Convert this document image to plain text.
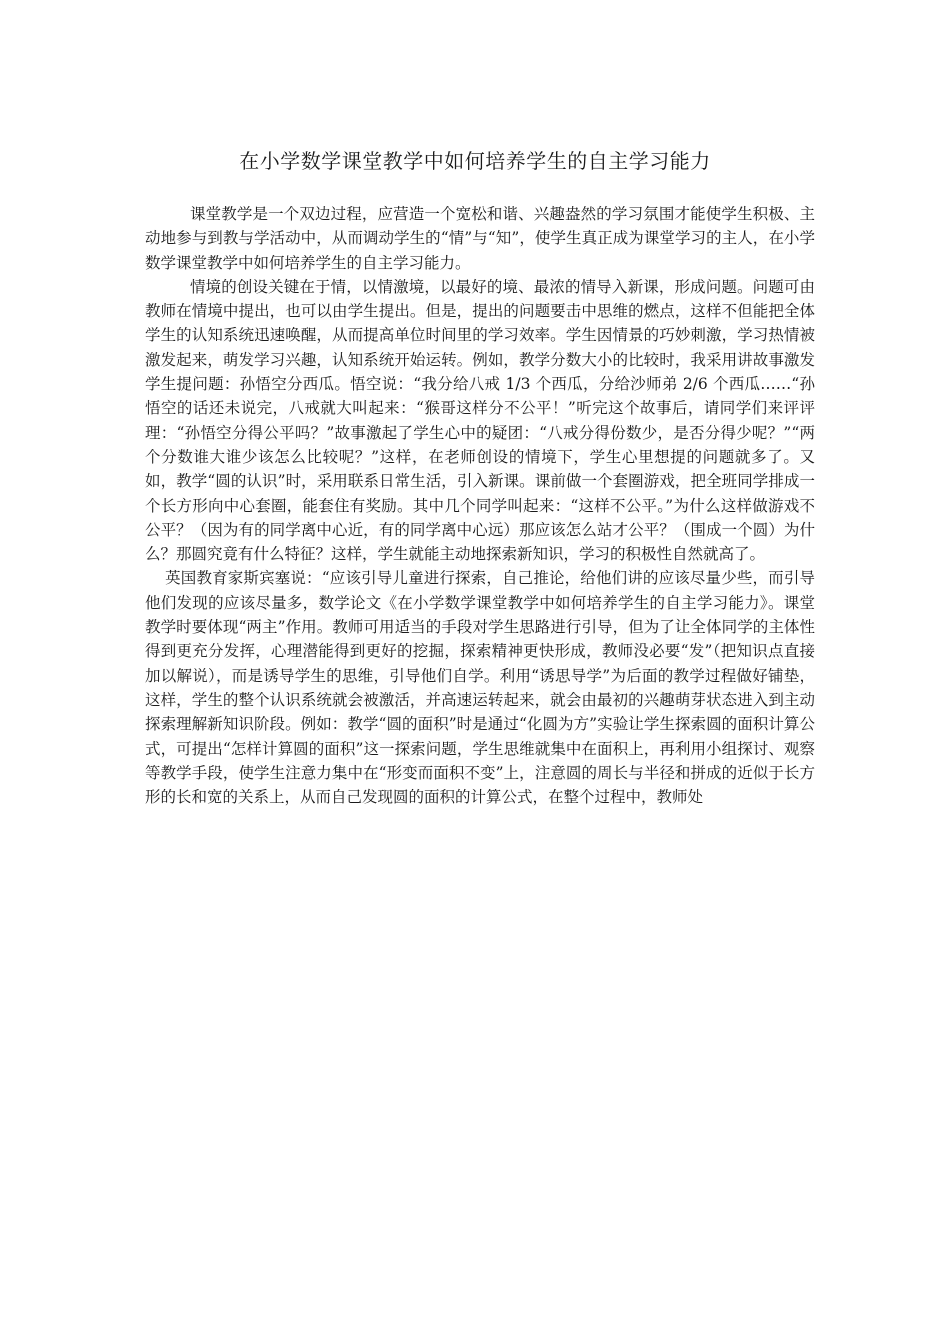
在小学数学课堂教学中如何培养学生的自主学习能力

课堂教学是一个双边过程，应营造一个宽松和谐、兴趣盎然的学习氛围才能使学生积极、主动地参与到教与学活动中，从而调动学生的“情”与“知”，使学生真正成为课堂学习的主人，在小学数学课堂教学中如何培养学生的自主学习能力。

情境的创设关键在于情，以情激境，以最好的境、最浓的情导入新课，形成问题。问题可由教师在情境中提出，也可以由学生提出。但是，提出的问题要击中思维的燃点，这样不但能把全体学生的认知系统迅速唤醒，从而提高单位时间里的学习效率。学生因情景的巧妙刺激，学习热情被激发起来，萌发学习兴趣，认知系统开始运转。例如，教学分数大小的比较时，我采用讲故事激发学生提问题：孙悟空分西瓜。悟空说：“我分给八戒 1/3 个西瓜，分给沙师弟 2/6 个西瓜……“孙悟空的话还未说完，八戒就大叫起来：“猴哥这样分不公平！”听完这个故事后，请同学们来评评理：“孙悟空分得公平吗？”故事激起了学生心中的疑团：“八戒分得份数少，是否分得少呢？”“两个分数谁大谁少该怎么比较呢？”这样，在老师创设的情境下，学生心里想提的问题就多了。又如，教学“圆的认识”时，采用联系日常生活，引入新课。课前做一个套圈游戏，把全班同学排成一个长方形向中心套圈，能套住有奖励。其中几个同学叫起来：“这样不公平。”为什么这样做游戏不公平？（因为有的同学离中心近，有的同学离中心远）那应该怎么站才公平？（围成一个圆）为什么？那圆究竟有什么特征？这样，学生就能主动地探索新知识，学习的积极性自然就高了。

英国教育家斯宾塞说：“应该引导儿童进行探索，自己推论，给他们讲的应该尽量少些，而引导他们发现的应该尽量多，数学论文《在小学数学课堂教学中如何培养学生的自主学习能力》。课堂教学时要体现“两主”作用。教师可用适当的手段对学生思路进行引导，但为了让全体同学的主体性得到更充分发挥，心理潜能得到更好的挖掘，探索精神更快形成，教师没必要“发”（把知识点直接加以解说），而是诱导学生的思维，引导他们自学。利用“诱思导学”为后面的教学过程做好铺垫，这样，学生的整个认识系统就会被激活，并高速运转起来，就会由最初的兴趣萌芽状态进入到主动探索理解新知识阶段。例如：教学“圆的面积”时是通过“化圆为方”实验让学生探索圆的面积计算公式，可提出“怎样计算圆的面积”这一探索问题，学生思维就集中在面积上，再利用小组探讨、观察等教学手段，使学生注意力集中在“形变而面积不变”上，注意圆的周长与半径和拼成的近似于长方形的长和宽的关系上，从而自己发现圆的面积的计算公式，在整个过程中，教师处
